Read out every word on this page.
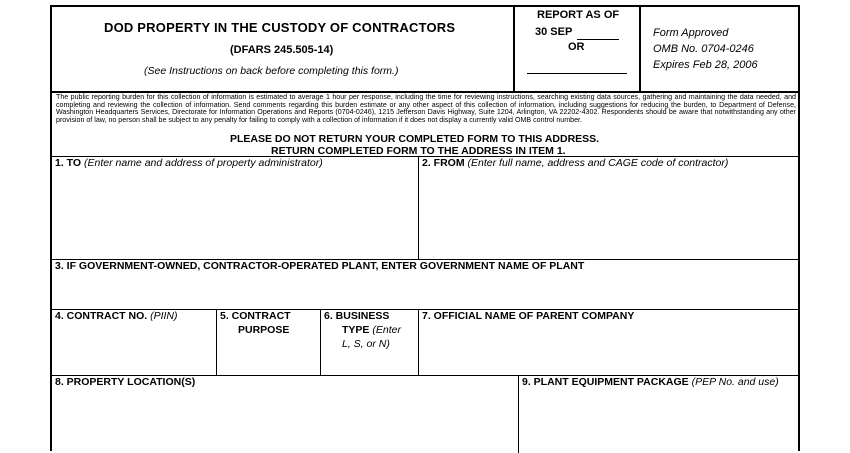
DOD PROPERTY IN THE CUSTODY OF CONTRACTORS
(DFARS 245.505-14)
(See Instructions on back before completing this form.)
REPORT AS OF
30 SEP
OR
Form Approved
OMB No. 0704-0246
Expires Feb 28, 2006
The public reporting burden for this collection of information is estimated to average 1 hour per response, including the time for reviewing instructions, searching existing data sources, gathering and maintaining the data needed, and completing and reviewing the collection of information. Send comments regarding this burden estimate or any other aspect of this collection of information, including suggestions for reducing the burden, to Department of Defense, Washington Headquarters Services, Directorate for Information Operations and Reports (0704-0246), 1215 Jefferson Davis Highway, Suite 1204, Arlington, VA 22202-4302. Respondents should be aware that notwithstanding any other provision of law, no person shall be subject to any penalty for failing to comply with a collection of information if it does not display a currently valid OMB control number.
PLEASE DO NOT RETURN YOUR COMPLETED FORM TO THIS ADDRESS.
RETURN COMPLETED FORM TO THE ADDRESS IN ITEM 1.
1. TO (Enter name and address of property administrator)	2. FROM (Enter full name, address and CAGE code of contractor)
3. IF GOVERNMENT-OWNED, CONTRACTOR-OPERATED PLANT, ENTER GOVERNMENT NAME OF PLANT
4. CONTRACT NO. (PIIN)	5. CONTRACT
PURPOSE
6. BUSINESS
TYPE (Enter
L, S, or N)
7. OFFICIAL NAME OF PARENT COMPANY
8. PROPERTY LOCATION(S)	9. PLANT EQUIPMENT PACKAGE (PEP No. and use)
